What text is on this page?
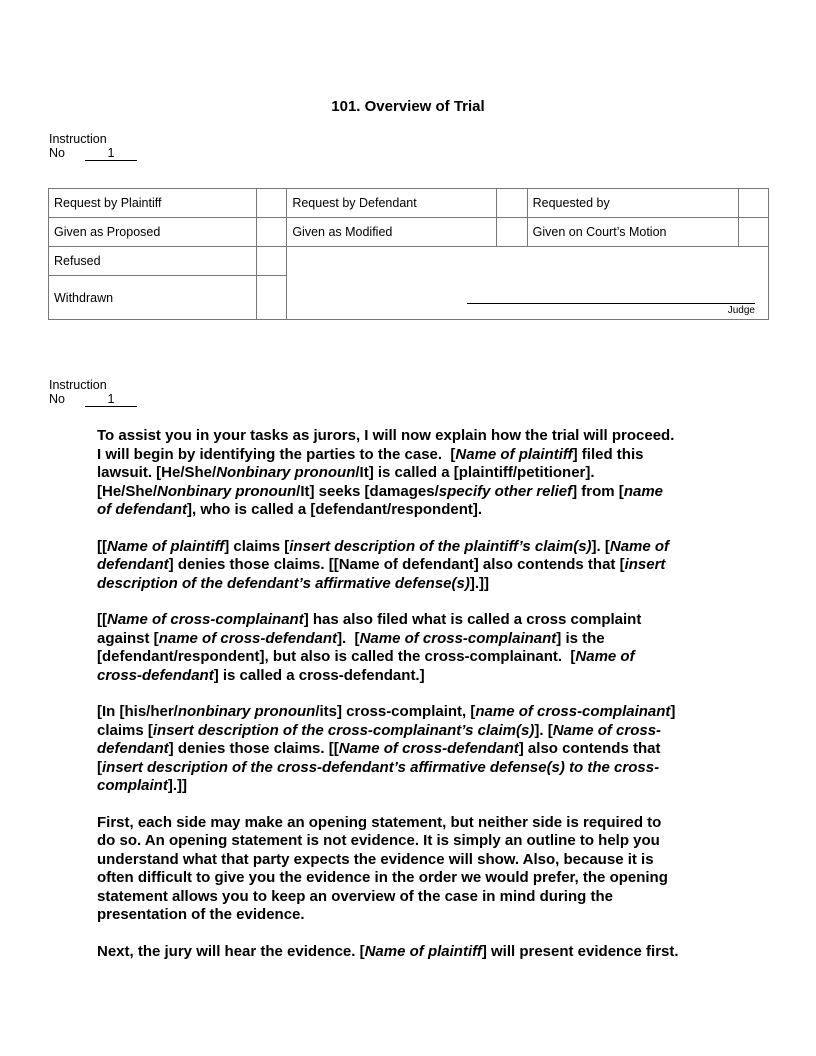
101. Overview of Trial
Instruction
No	1
Request by Plaintiff		Request by Defendant		Requested by	
Given as Proposed		Given as Modified		Given on Court’s Motion	
Refused					
Withdrawn					
Judge
Instruction
No	1
To assist you in your tasks as jurors, I will now explain how the trial will proceed.
I will begin by identifying the parties to the case.  [Name of plaintiff] filed this
lawsuit. [He/She/Nonbinary pronoun/It] is called a [plaintiff/petitioner].
[He/She/Nonbinary pronoun/It] seeks [damages/specify other relief] from [name
of defendant], who is called a [defendant/respondent].
[[Name of plaintiff] claims [insert description of the plaintiff’s claim(s)]. [Name of
defendant] denies those claims. [[Name of defendant] also contends that [insert
description of the defendant’s affirmative defense(s)].]]
[[Name of cross-complainant] has also filed what is called a cross complaint
against [name of cross-defendant].  [Name of cross-complainant] is the
[defendant/respondent], but also is called the cross-complainant.  [Name of
cross-defendant] is called a cross-defendant.]
[In [his/her/nonbinary pronoun/its] cross-complaint, [name of cross-complainant]
claims [insert description of the cross-complainant’s claim(s)]. [Name of cross-
defendant] denies those claims. [[Name of cross-defendant] also contends that
[insert description of the cross-defendant’s affirmative defense(s) to the cross-
complaint].]]
First, each side may make an opening statement, but neither side is required to
do so. An opening statement is not evidence. It is simply an outline to help you
understand what that party expects the evidence will show. Also, because it is
often difficult to give you the evidence in the order we would prefer, the opening
statement allows you to keep an overview of the case in mind during the
presentation of the evidence.
Next, the jury will hear the evidence. [Name of plaintiff] will present evidence first.
